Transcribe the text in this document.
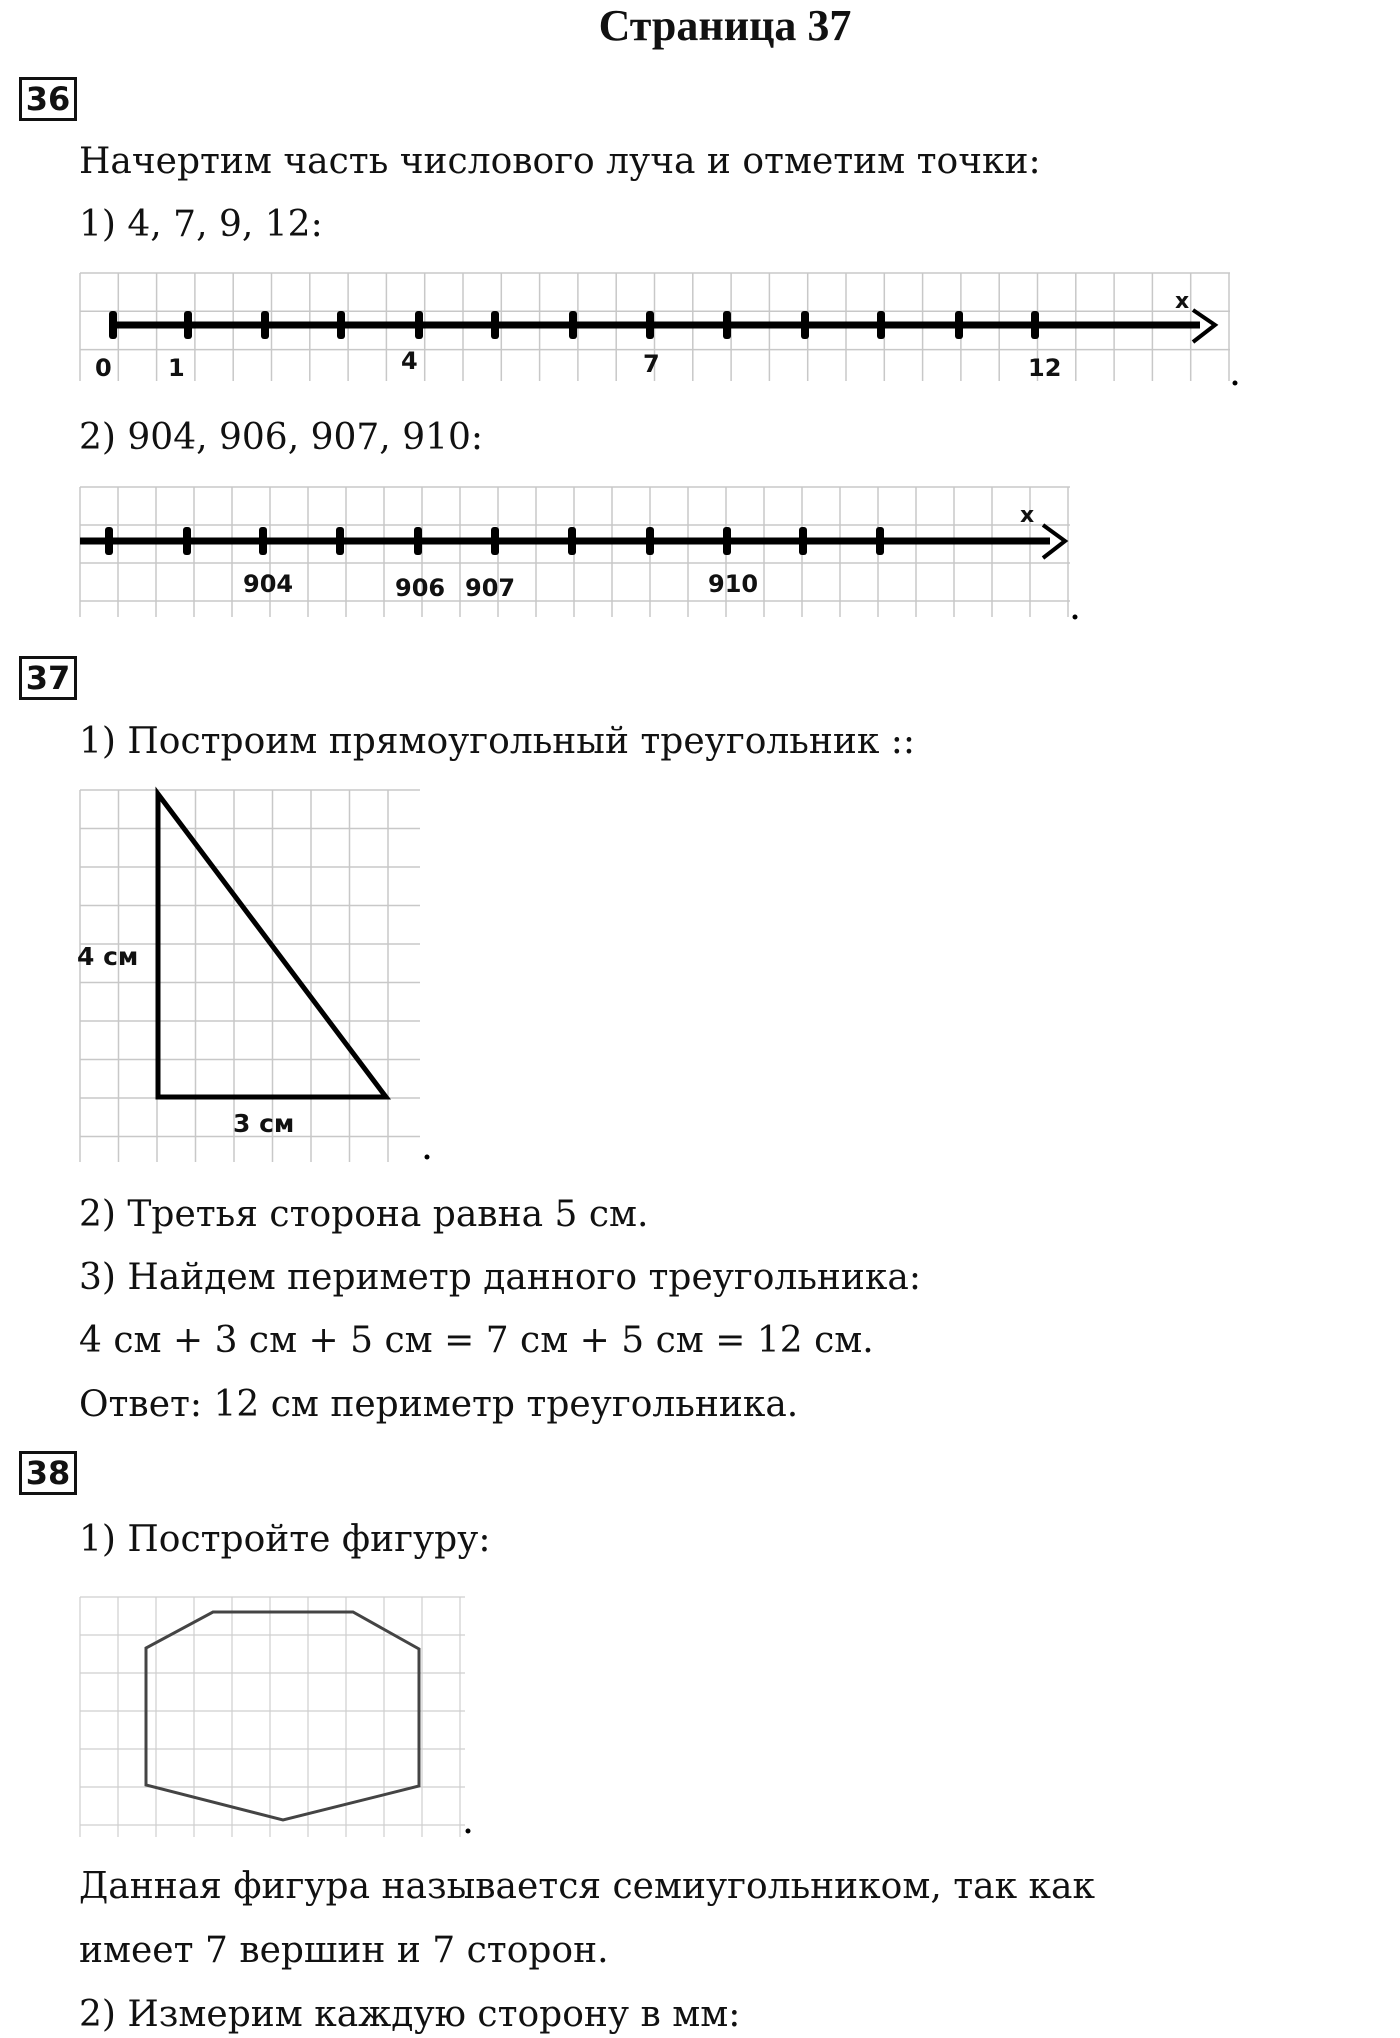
Страница 37
36
Начертим часть числового луча и отметим точки:
1) 4, 7, 9, 12:
x
0 1	4	7	12
2) 904, 906, 907, 910:
x
904	906 907	910
37
1) Построим прямоугольный треугольник ::
4 см
3 см
2) Третья сторона равна 5 см.
3) Найдем периметр данного треугольника:
4 см + 3 см + 5 см = 7 см + 5 см = 12 см.
Ответ: 12 см периметр треугольника.
38
1) Постройте фигуру:
Данная фигура называется семиугольником, так как
имеет 7 вершин и 7 сторон.
2) Измерим каждую сторону в мм:
